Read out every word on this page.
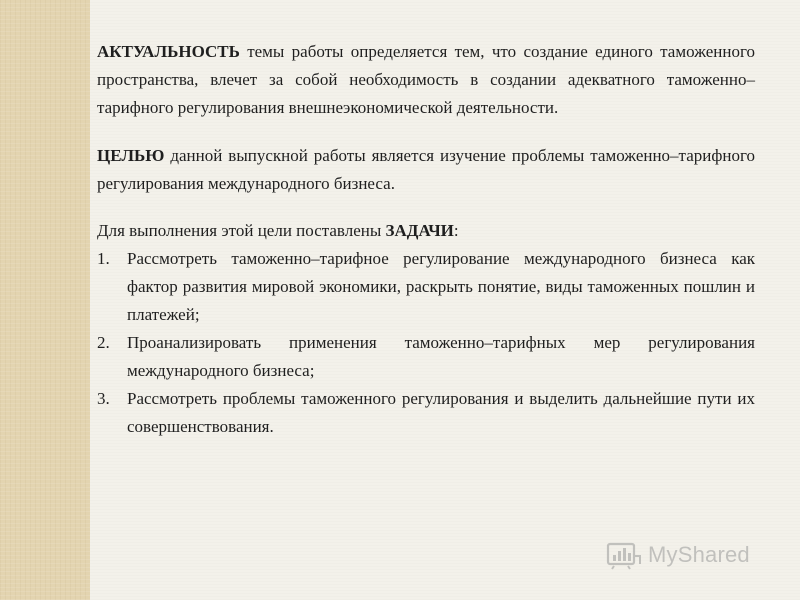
АКТУАЛЬНОСТЬ темы работы определяется тем, что создание единого таможенного пространства, влечет за собой необходимость в создании адекватного таможенно–тарифного регулирования внешнеэкономической деятельности.

ЦЕЛЬЮ данной выпускной работы является изучение проблемы таможенно–тарифного регулирования международного бизнеса.

Для выполнения этой цели поставлены ЗАДАЧИ:

1. Рассмотреть таможенно–тарифное регулирование международного бизнеса как фактор развития мировой экономики, раскрыть понятие, виды таможенных пошлин и платежей;
2. Проанализировать применения таможенно–тарифных мер регулирования международного бизнеса;
3. Рассмотреть проблемы таможенного регулирования и выделить дальнейшие пути их совершенствования.
MyShared
